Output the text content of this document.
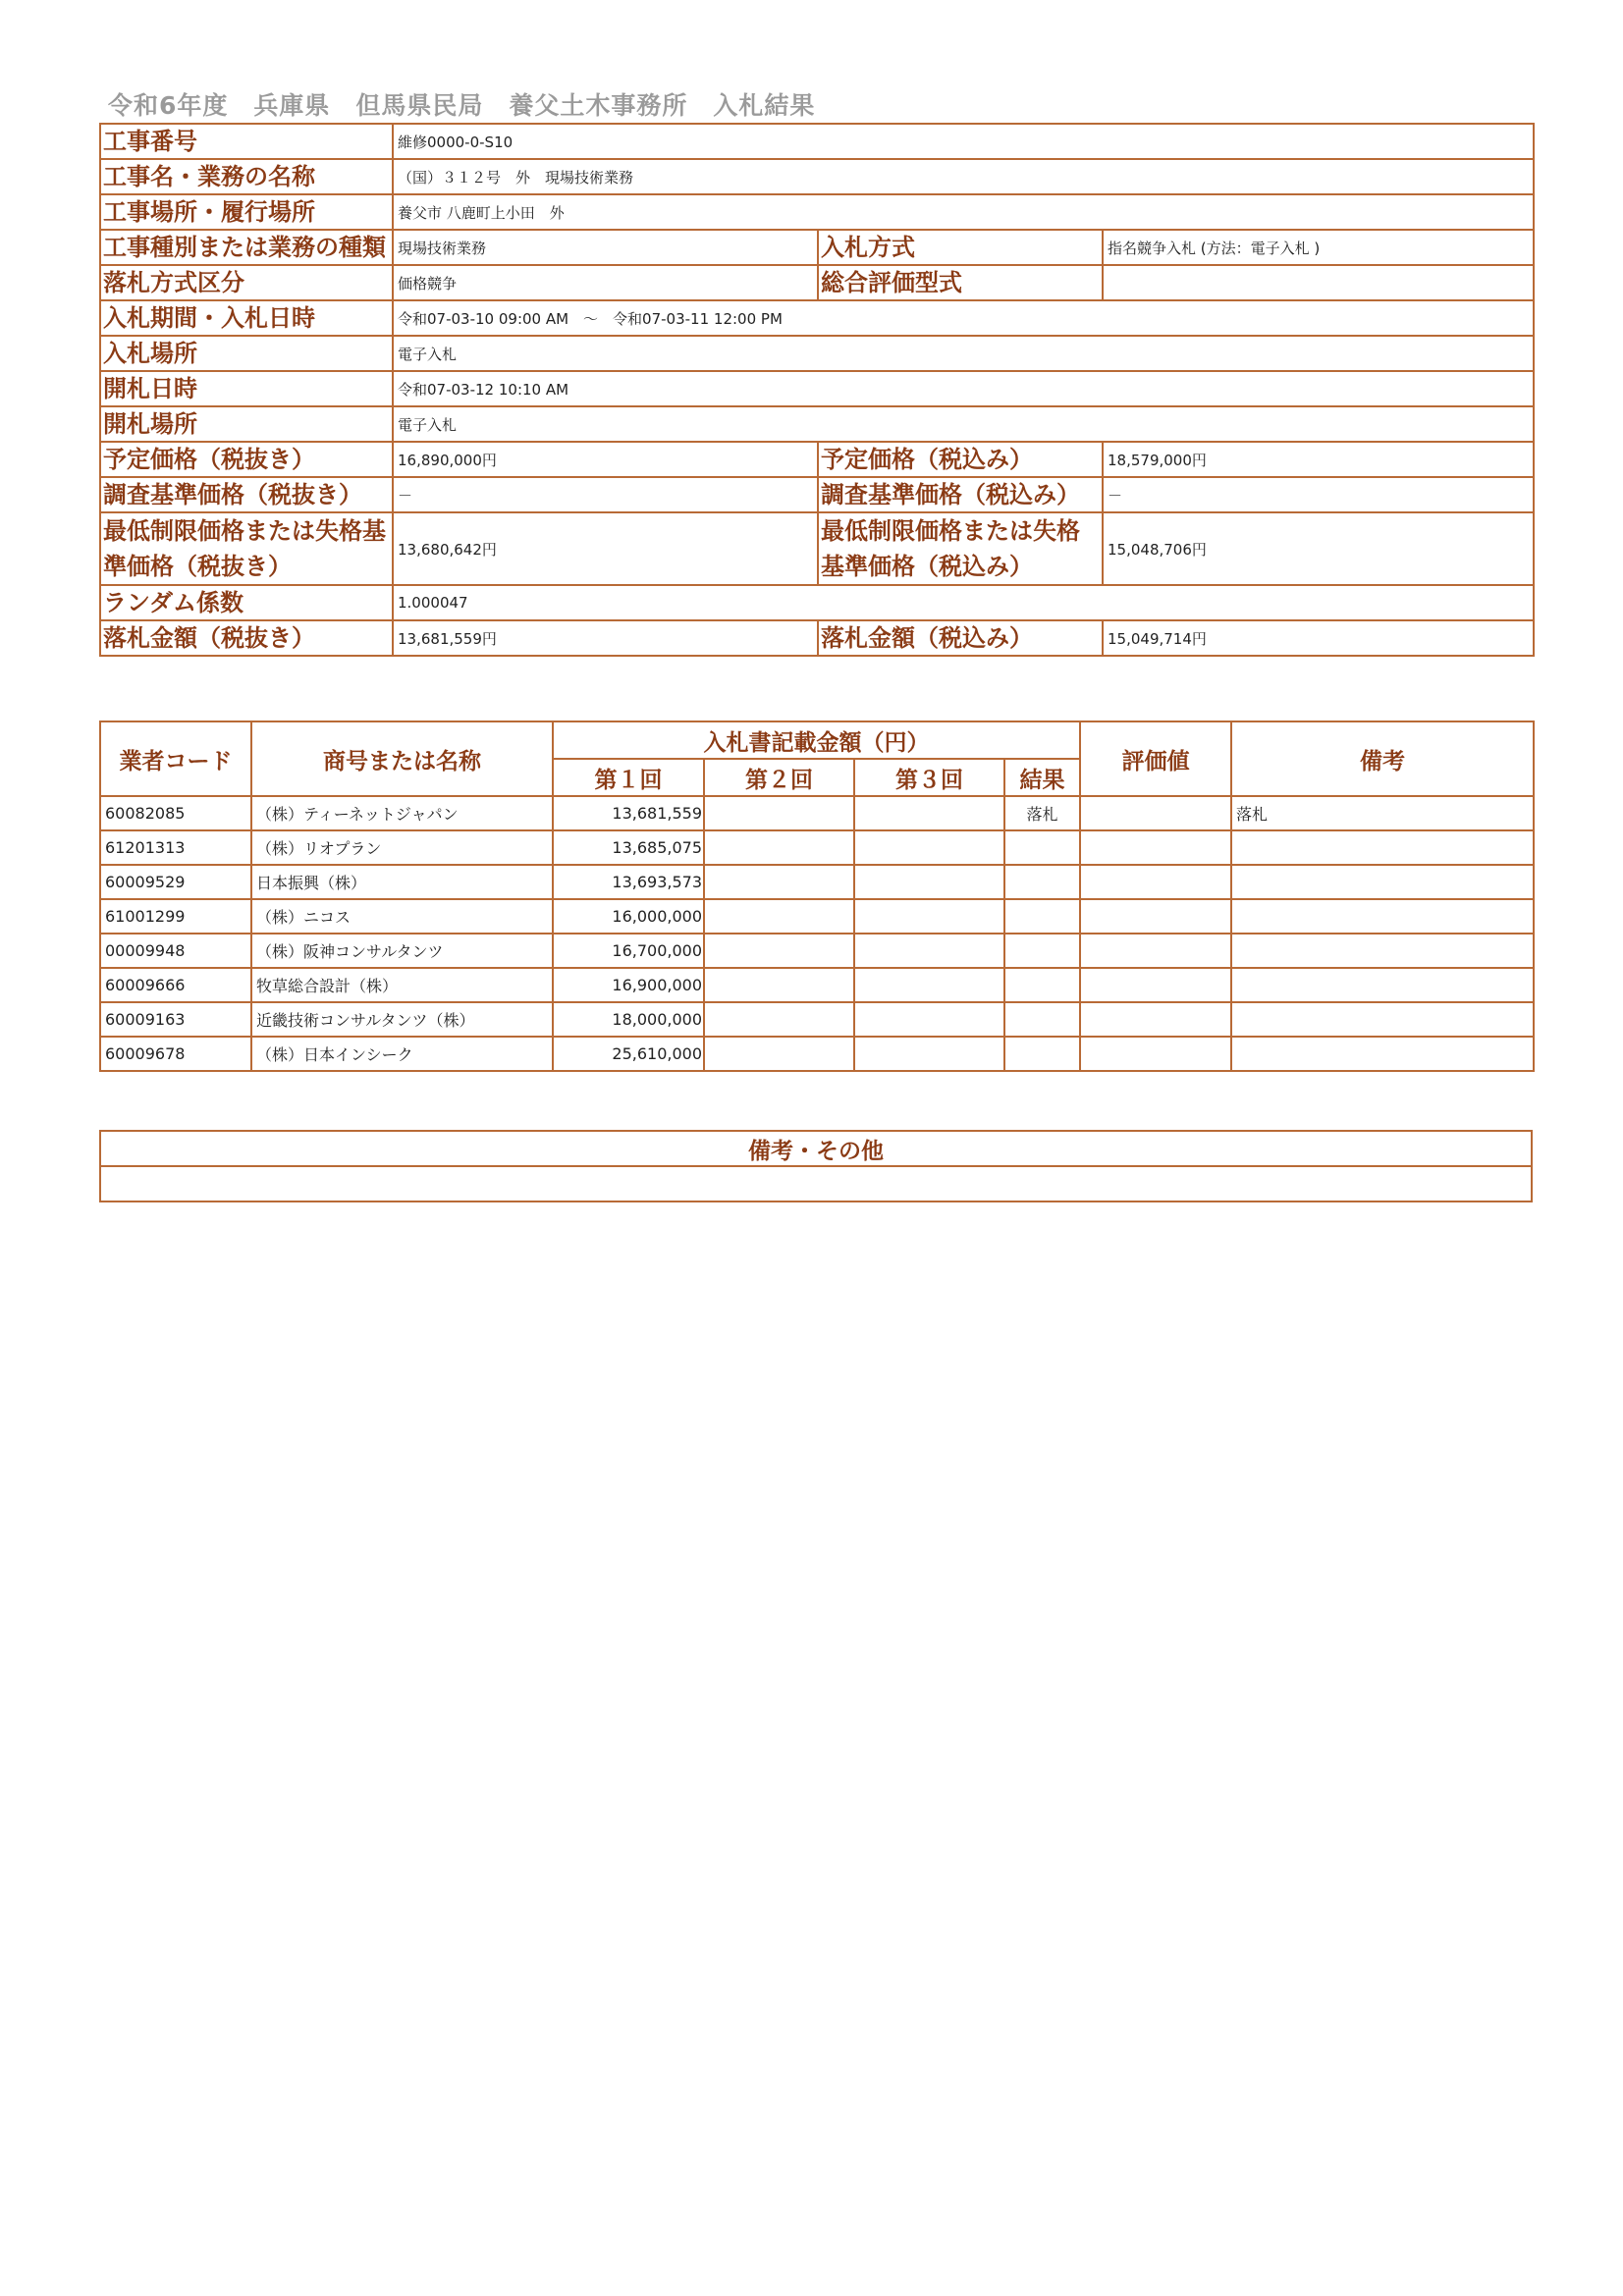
令和6年度　兵庫県　但馬県民局　養父土木事務所　入札結果
工事番号	維修0000-0-S10		
工事名・業務の名称	（国）３１２号　外　現場技術業務		
工事場所・履行場所	養父市 八鹿町上小田　外		
工事種別または業務の種類	現場技術業務	入札方式	指名競争入札 (方法：電子入札 )
落札方式区分	価格競争	総合評価型式	
入札期間・入札日時	令和07-03-10 09:00 AM　～　令和07-03-11 12:00 PM		
入札場所	電子入札		
開札日時	令和07-03-12 10:10 AM		
開札場所	電子入札		
予定価格（税抜き）	16,890,000円	予定価格（税込み）	18,579,000円
調査基準価格（税抜き）	－	調査基準価格（税込み）	－
最低制限価格または失格基準価格（税抜き）	13,680,642円	最低制限価格または失格基準価格（税込み）	15,048,706円
ランダム係数	1.000047		
落札金額（税抜き）	13,681,559円	落札金額（税込み）	15,049,714円
業者コード	商号または名称	入札書記載金額（円）				評価値	備考
		第１回	第２回	第３回	結果		
60082085	（株）ティーネットジャパン	13,681,559			落札		落札
61201313	（株）リオプラン	13,685,075					
60009529	日本振興（株）	13,693,573					
61001299	（株）ニコス	16,000,000					
00009948	（株）阪神コンサルタンツ	16,700,000					
60009666	牧草総合設計（株）	16,900,000					
60009163	近畿技術コンサルタンツ（株）	18,000,000					
60009678	（株）日本インシーク	25,610,000					
備考・その他
